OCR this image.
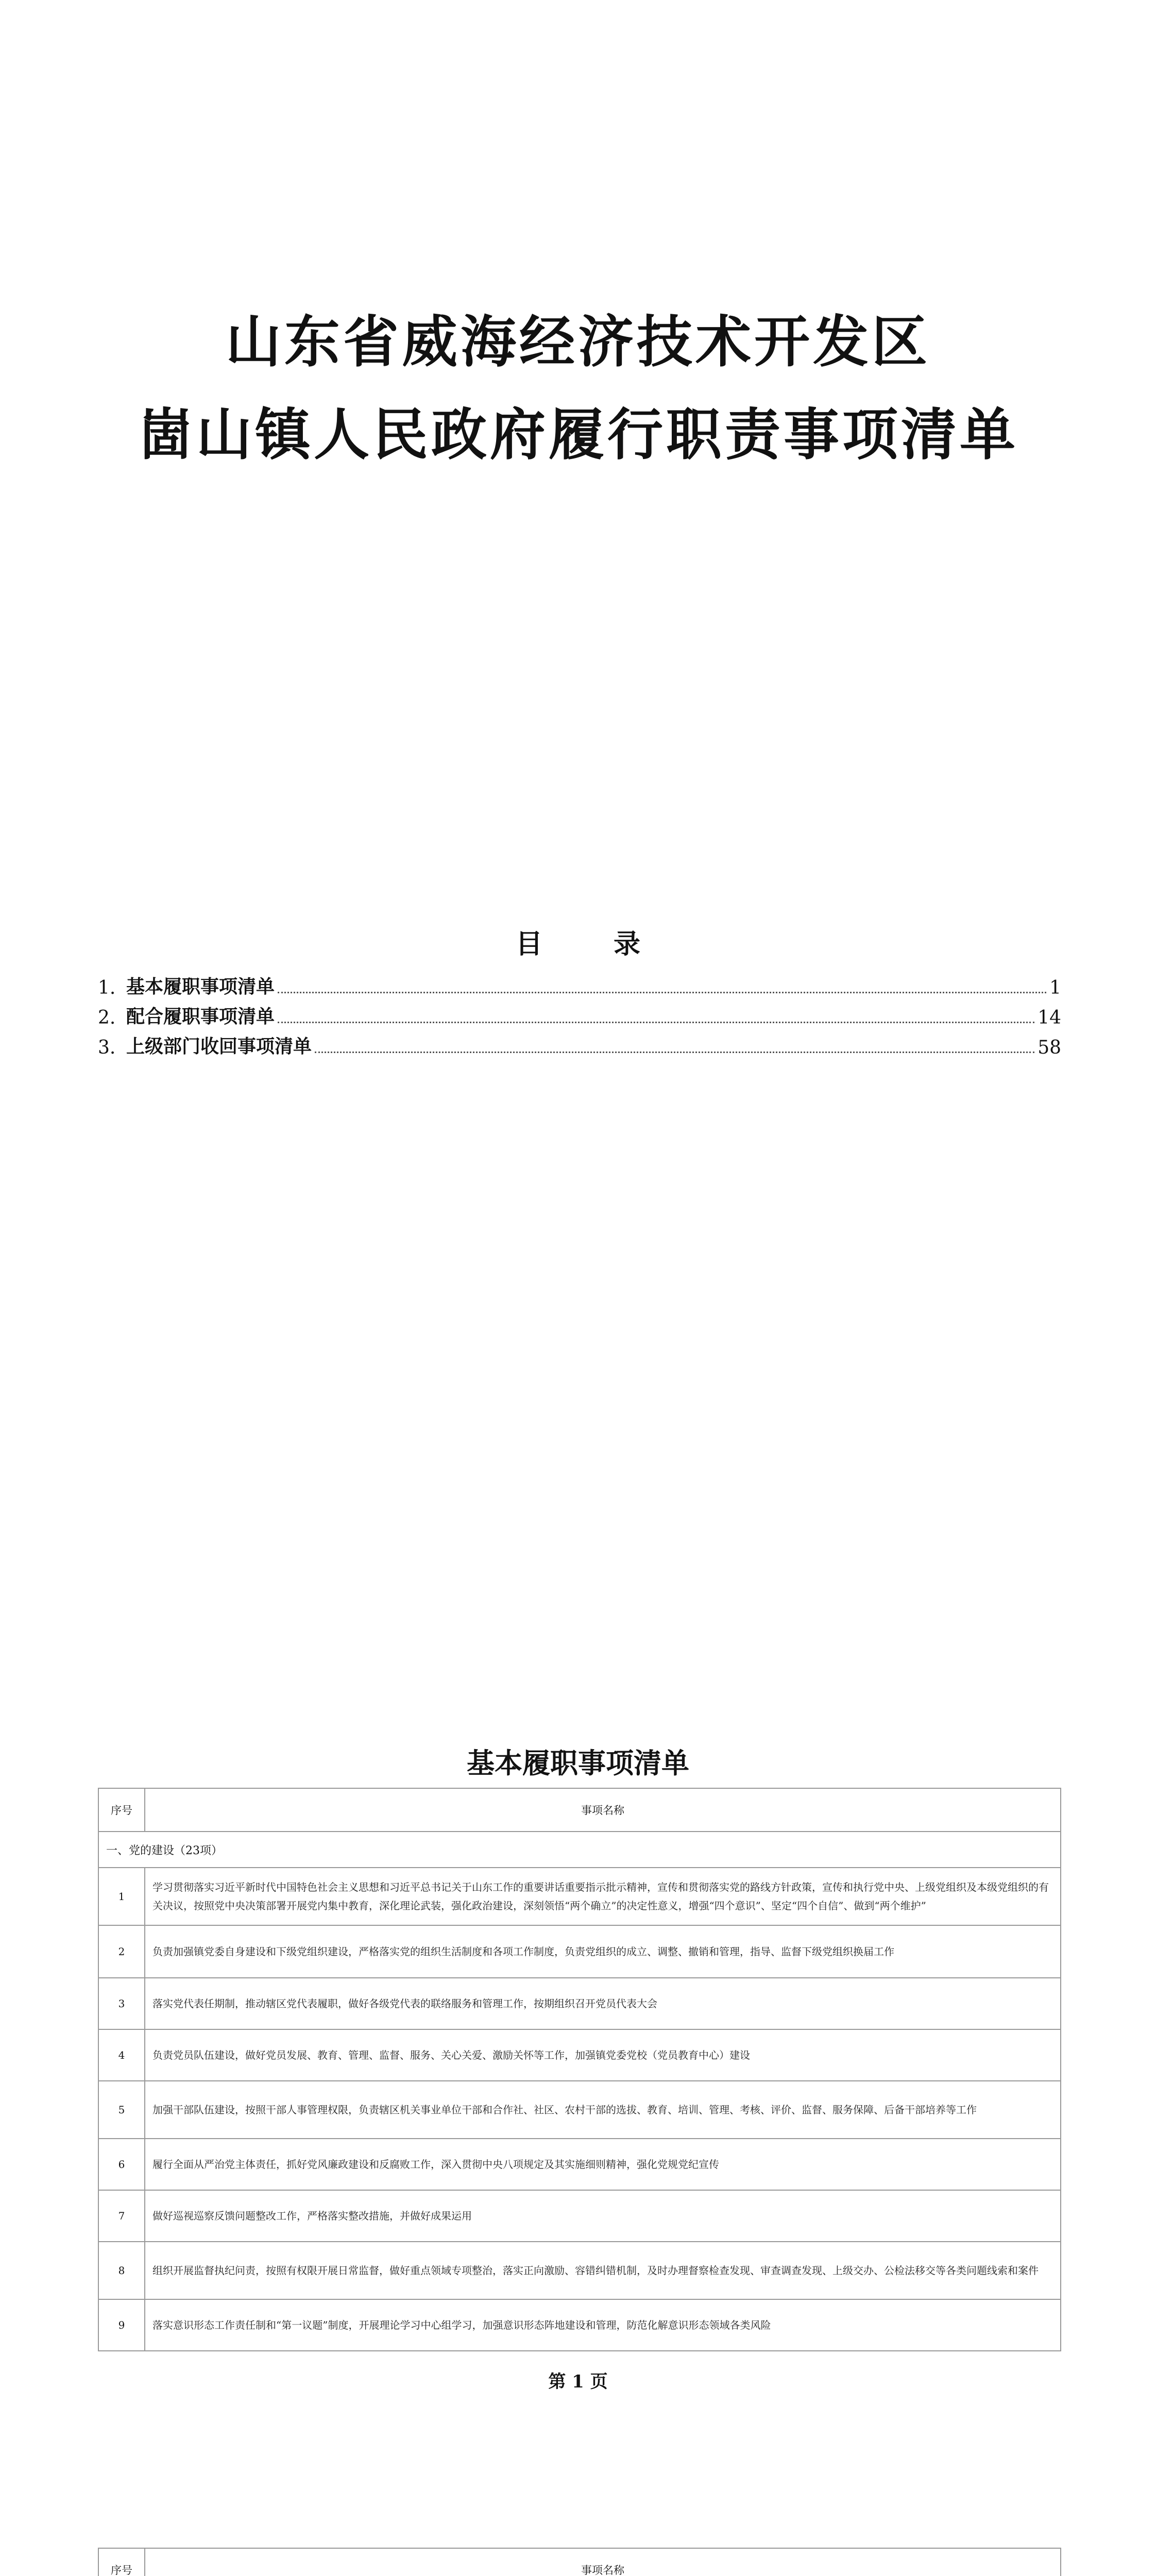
山东省威海经济技术开发区
崮山镇人民政府履行职责事项清单
目 录
1. 基本履职事项清单	1
2. 配合履职事项清单	14
3. 上级部门收回事项清单	58
基本履职事项清单
序号	事项名称
一、党的建设（23项）	
1	学习贯彻落实习近平新时代中国特色社会主义思想和习近平总书记关于山东工作的重要讲话重要指示批示精神，宣传和贯彻落实党的路线方针政策，宣传和执行党中央、上级党组织及本级党组织的有关决议，按照党中央决策部署开展党内集中教育，深化理论武装，强化政治建设，深刻领悟“两个确立”的决定性意义，增强“四个意识”、坚定“四个自信”、做到“两个维护”
2	负责加强镇党委自身建设和下级党组织建设，严格落实党的组织生活制度和各项工作制度，负责党组织的成立、调整、撤销和管理，指导、监督下级党组织换届工作
3	落实党代表任期制，推动辖区党代表履职，做好各级党代表的联络服务和管理工作，按期组织召开党员代表大会
4	负责党员队伍建设，做好党员发展、教育、管理、监督、服务、关心关爱、激励关怀等工作，加强镇党委党校（党员教育中心）建设
5	加强干部队伍建设，按照干部人事管理权限，负责辖区机关事业单位干部和合作社、社区、农村干部的选拔、教育、培训、管理、考核、评价、监督、服务保障、后备干部培养等工作
6	履行全面从严治党主体责任，抓好党风廉政建设和反腐败工作，深入贯彻中央八项规定及其实施细则精神，强化党规党纪宣传
7	做好巡视巡察反馈问题整改工作，严格落实整改措施，并做好成果运用
8	组织开展监督执纪问责，按照有权限开展日常监督，做好重点领域专项整治，落实正向激励、容错纠错机制，及时办理督察检查发现、审查调查发现、上级交办、公检法移交等各类问题线索和案件
9	落实意识形态工作责任制和“第一议题”制度，开展理论学习中心组学习，加强意识形态阵地建设和管理，防范化解意识形态领域各类风险
第 1 页
序号	事项名称
